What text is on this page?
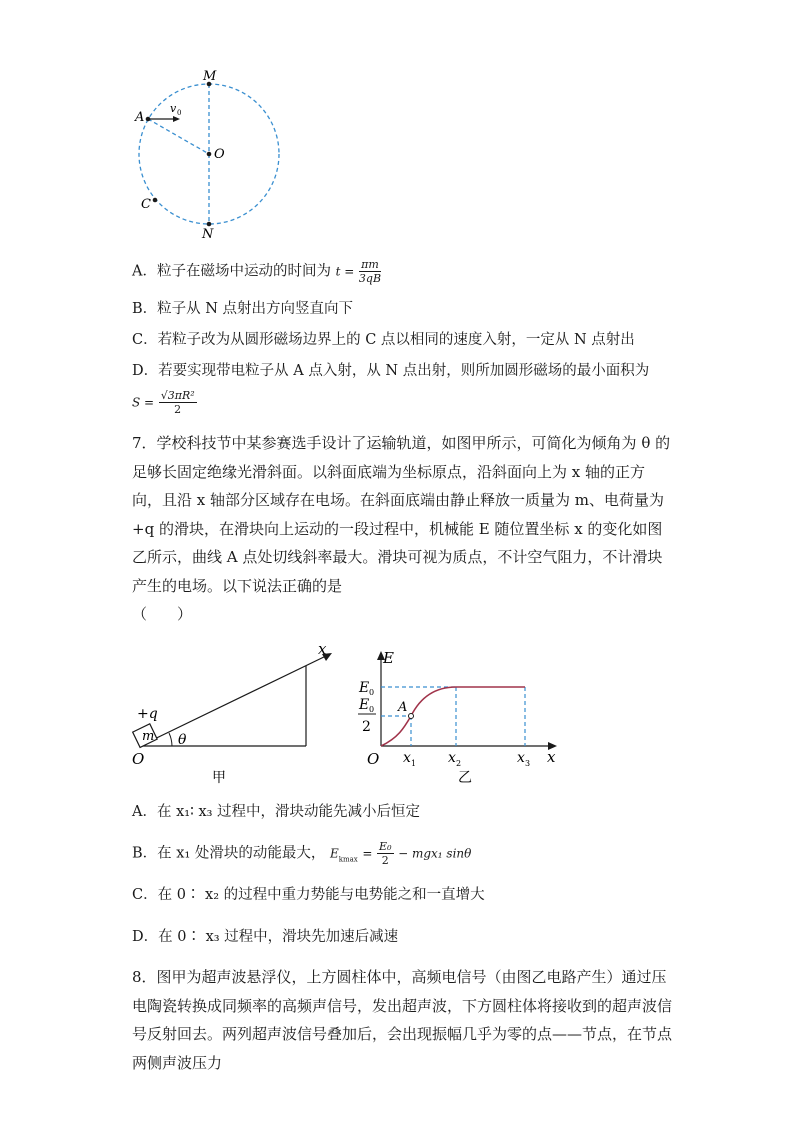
M
A
O
C
N
v 0
A．粒子在磁场中运动的时间为 $t = \frac{\pi m}{3qB}$
B．粒子从 N 点射出方向竖直向下
C．若粒子改为从圆形磁场边界上的 C 点以相同的速度入射，一定从 N 点射出
D．若要实现带电粒子从 A 点入射，从 N 点出射，则所加圆形磁场的最小面积为
$S = \frac{\text{√3πR²}}{2}$
7．学校科技节中某参赛选手设计了运输轨道，如图甲所示，可简化为倾角为 θ 的足够长固定绝缘光滑斜面。以斜面底端为坐标原点，沿斜面向上为 x 轴的正方向，且沿 x 轴部分区域存在电场。在斜面底端由静止释放一质量为 m、电荷量为 +q 的滑块，在滑块向上运动的一段过程中，机械能 E 随位置坐标 x 的变化如图乙所示，曲线 A 点处切线斜率最大。滑块可视为质点，不计空气阻力，不计滑块产生的电场。以下说法正确的是
（　　）
x
+q
m θ
O
甲
E
E 0
E 0
2
A
O x 1 x 2	x 3 x
乙
A．在 x₁∶ x₃ 过程中，滑块动能先减小后恒定
B．在 x₁ 处滑块的动能最大， $E_{kmax} = \frac{\text{E₀}}{2} - mgx_1$ sinθ
C．在 0∶ x₂ 的过程中重力势能与电势能之和一直增大
D．在 0∶ x₃ 过程中，滑块先加速后减速
8．图甲为超声波悬浮仪，上方圆柱体中，高频电信号（由图乙电路产生）通过压电陶瓷转换成同频率的高频声信号，发出超声波，下方圆柱体将接收到的超声波信号反射回去。两列超声波信号叠加后，会出现振幅几乎为零的点——节点，在节点两侧声波压力
